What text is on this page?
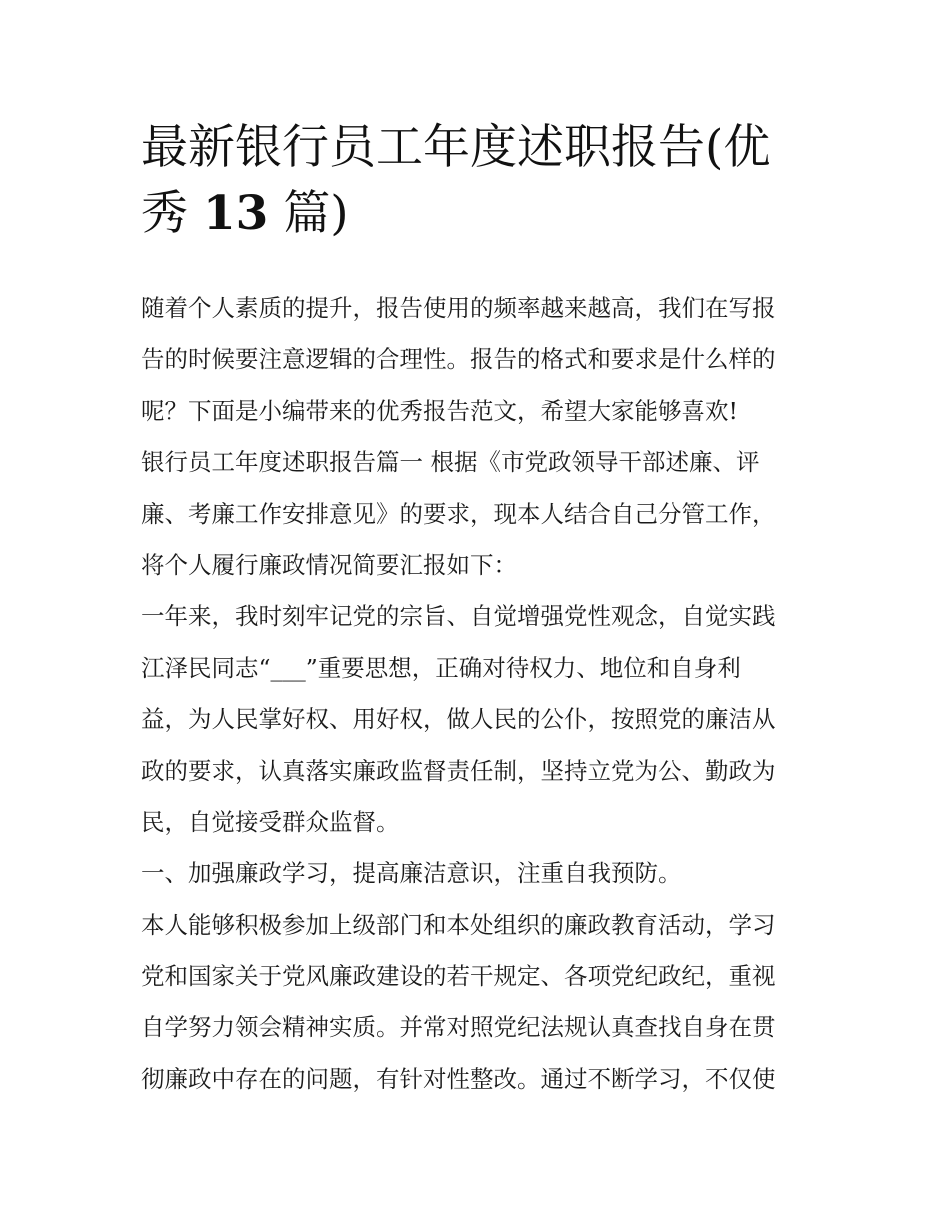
最新银行员工年度述职报告(优
秀 13 篇)
随着个人素质的提升，报告使用的频率越来越高，我们在写报
告的时候要注意逻辑的合理性。报告的格式和要求是什么样的
呢？下面是小编带来的优秀报告范文，希望大家能够喜欢!
银行员工年度述职报告篇一 根据《市党政领导干部述廉、评
廉、考廉工作安排意见》的要求，现本人结合自己分管工作，
将个人履行廉政情况简要汇报如下：
一年来，我时刻牢记党的宗旨、自觉增强党性观念，自觉实践
江泽民同志“___”重要思想，正确对待权力、地位和自身利
益，为人民掌好权、用好权，做人民的公仆，按照党的廉洁从
政的要求，认真落实廉政监督责任制，坚持立党为公、勤政为
民，自觉接受群众监督。
一、加强廉政学习，提高廉洁意识，注重自我预防。
本人能够积极参加上级部门和本处组织的廉政教育活动，学习
党和国家关于党风廉政建设的若干规定、各项党纪政纪，重视
自学努力领会精神实质。并常对照党纪法规认真查找自身在贯
彻廉政中存在的问题，有针对性整改。通过不断学习，不仅使
